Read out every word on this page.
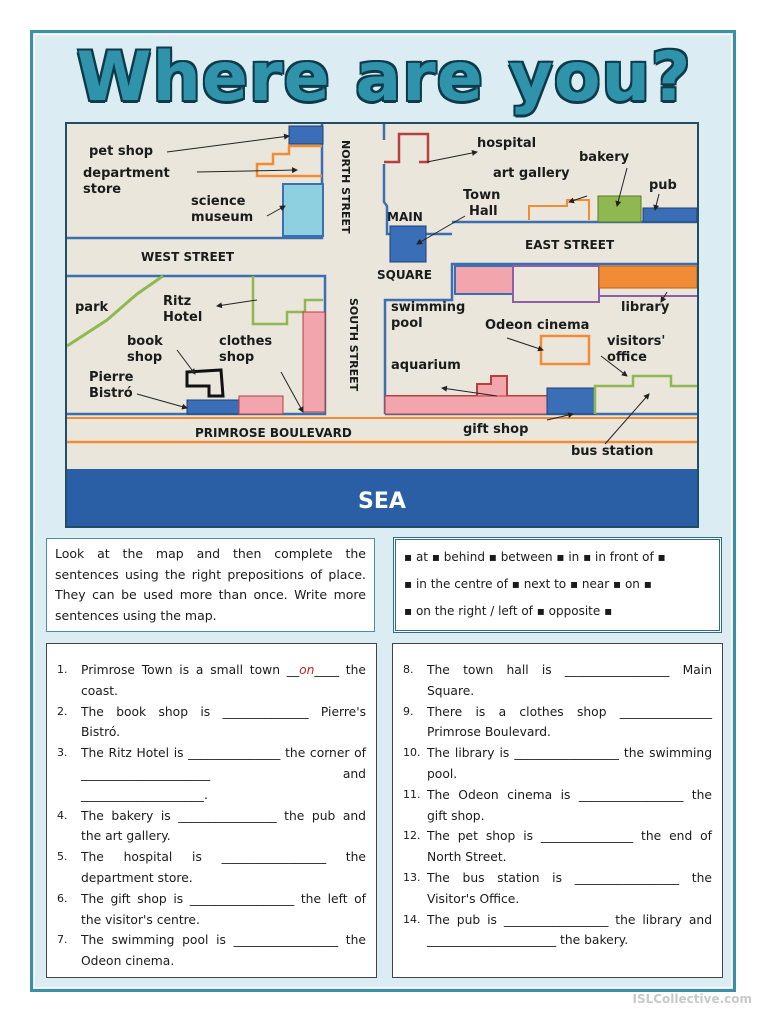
Where are you?
SEA
NORTH STREET
SOUTH STREET
WEST STREET
EAST STREET
PRIMROSE BOULEVARD
MAIN
SQUARE
pet shop
department
store
science
museum
hospital
art gallery
bakery
pub
Town
Hall
park	Ritz
Hotel
book
shop
clothes
shop
Pierre
Bistró
swimming
pool	Odeon cinema
library
visitors'
office
aquarium
gift shop
bus station
Look at the map and then complete the sentences using the right prepositions of place. They can be used more than once. Write more sentences using the map.
▪ at ▪ behind ▪ between ▪ in ▪ in front of ▪
▪ in the centre of ▪ next to ▪ near ▪ on ▪
▪ on the right / left of ▪ opposite ▪
1.	Primrose Town is a small town __on____ the coast.
2.	The book shop is ______________ Pierre's Bistró.
3.	The Ritz Hotel is _______________ the corner of _____________________ and ____________________.
4.	The bakery is ________________ the pub and the art gallery.
5.	The hospital is _________________ the department store.
6.	The gift shop is _________________ the left of the visitor's centre.
7.	The swimming pool is _________________ the Odeon cinema.
8.	The town hall is _________________ Main Square.
9.	There is a clothes shop _______________ Primrose Boulevard.
10. The library is _________________ the swimming pool.
11. The Odeon cinema is _________________ the gift shop.
12. The pet shop is _______________ the end of North Street.
13. The bus station is _________________ the Visitor's Office.
14. The pub is _________________ the library and _____________________ the bakery.
ISLCollective.com
